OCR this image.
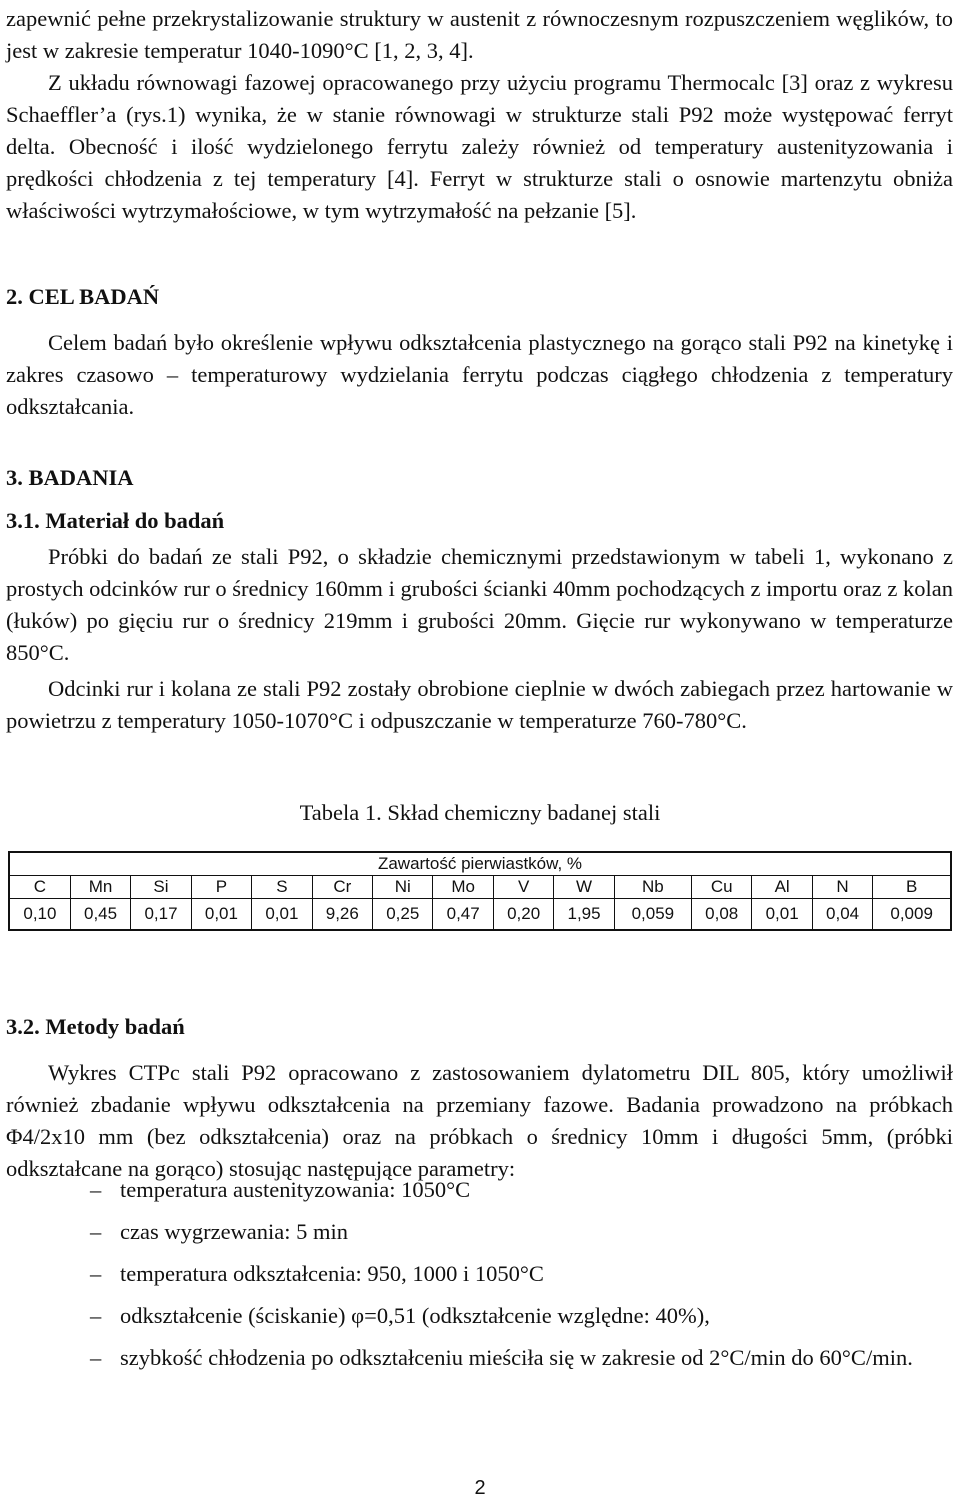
zapewnić pełne przekrystalizowanie struktury w austenit z równoczesnym rozpuszczeniem węglików, to jest w zakresie temperatur 1040-1090°C [1, 2, 3, 4].

Z układu równowagi fazowej opracowanego przy użyciu programu Thermocalc [3] oraz z wykresu Schaeffler’a (rys.1) wynika, że w stanie równowagi w strukturze stali P92 może występować ferryt delta. Obecność i ilość wydzielonego ferrytu zależy również od temperatury austenityzowania i prędkości chłodzenia z tej temperatury [4]. Ferryt w strukturze stali o osnowie martenzytu obniża właściwości wytrzymałościowe, w tym wytrzymałość na pełzanie [5].

2. CEL BADAŃ

Celem badań było określenie wpływu odkształcenia plastycznego na gorąco stali P92 na kinetykę i zakres czasowo – temperaturowy wydzielania ferrytu podczas ciągłego chłodzenia z temperatury odkształcania.

3. BADANIA

3.1. Materiał do badań

Próbki do badań ze stali P92, o składzie chemicznymi przedstawionym w tabeli 1, wykonano z prostych odcinków rur o średnicy 160mm i grubości ścianki 40mm pochodzących z importu oraz z kolan (łuków) po gięciu rur o średnicy 219mm i grubości 20mm. Gięcie rur wykonywano w temperaturze 850°C.

Odcinki rur i kolana ze stali P92 zostały obrobione cieplnie w dwóch zabiegach przez hartowanie w powietrzu z temperatury 1050-1070°C i odpuszczanie w temperaturze 760-780°C.

Tabela 1. Skład chemiczny badanej stali

Zawartość pierwiastków, %														
C	Mn	Si	P	S	Cr	Ni	Mo	V	W	Nb	Cu	Al	N	B
0,10	0,45	0,17	0,01	0,01	9,26	0,25	0,47	0,20	1,95	0,059	0,08	0,01	0,04	0,009

3.2. Metody badań

Wykres CTPc stali P92 opracowano z zastosowaniem dylatometru DIL 805, który umożliwił również zbadanie wpływu odkształcenia na przemiany fazowe. Badania prowadzono na próbkach Φ4/2x10 mm (bez odkształcenia) oraz na próbkach o średnicy 10mm i długości 5mm, (próbki odkształcane na gorąco) stosując następujące parametry:

– temperatura austenityzowania: 1050°C
– czas wygrzewania: 5 min
– temperatura odkształcenia: 950, 1000 i 1050°C
– odkształcenie (ściskanie) φ=0,51 (odkształcenie względne: 40%),
– szybkość chłodzenia po odkształceniu mieściła się w zakresie od 2°C/min do 60°C/min.
2
